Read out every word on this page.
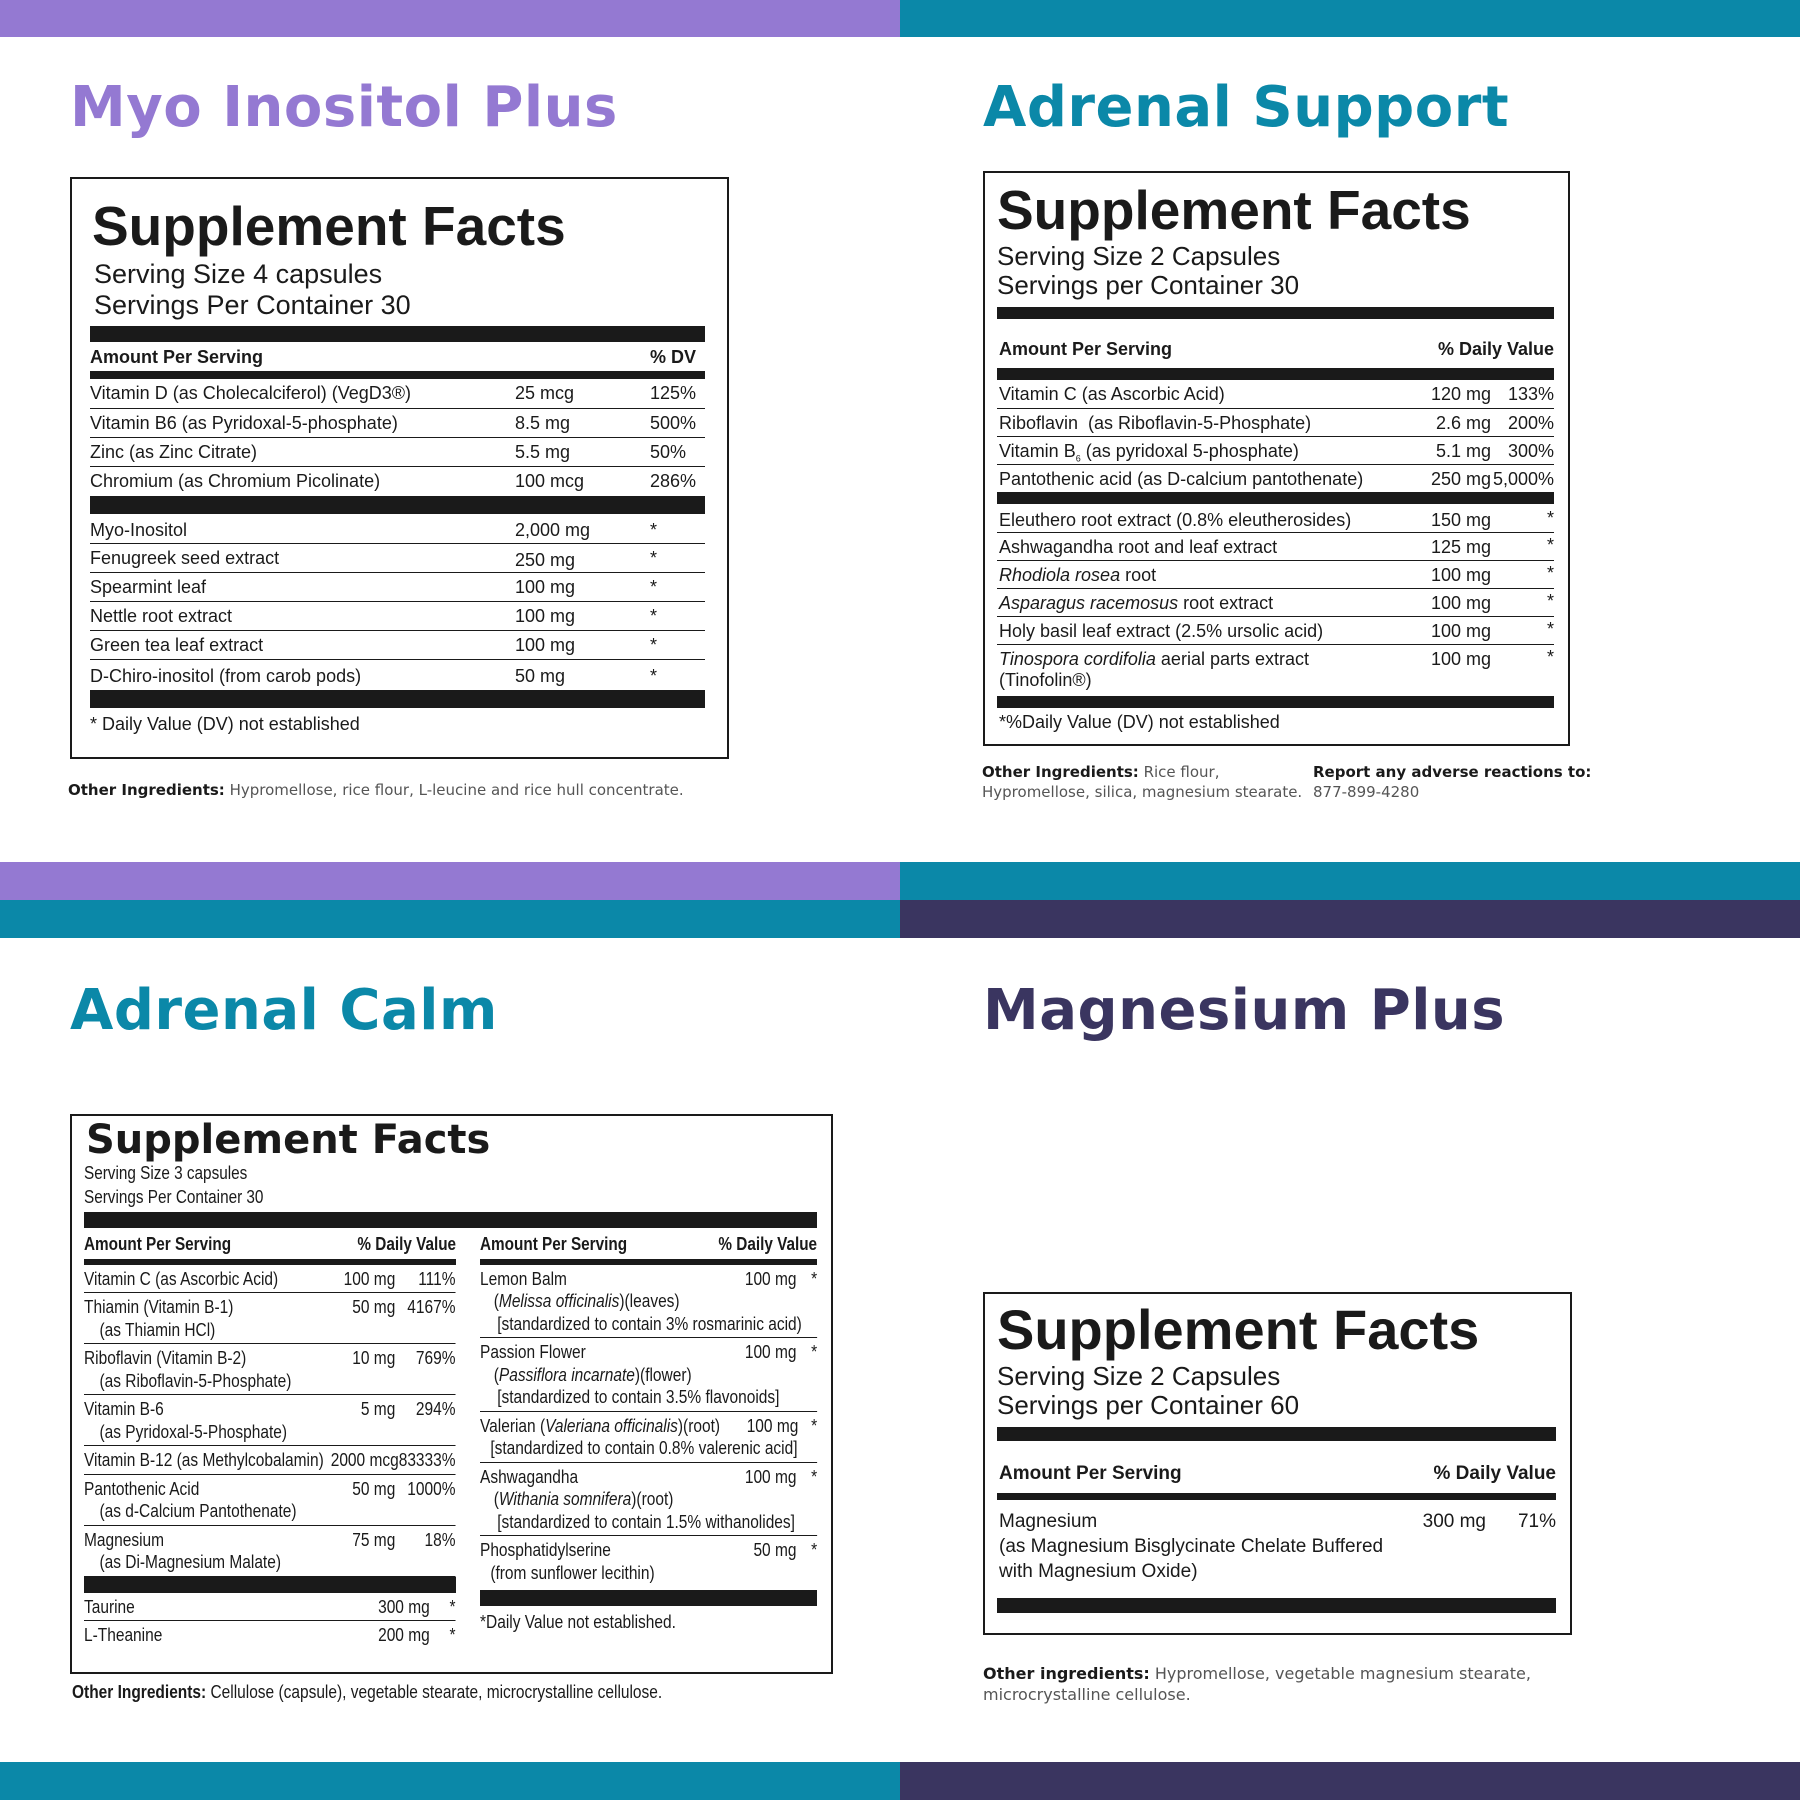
Myo Inositol Plus
Supplement Facts
Serving Size 4 capsules
Servings Per Container 30
Amount Per Serving		% DV
Vitamin D (as Cholecalciferol) (VegD3®)	25 mcg	125%
Vitamin B6 (as Pyridoxal-5-phosphate)	8.5 mg	500%
Zinc (as Zinc Citrate)	5.5 mg	50%
Chromium (as Chromium Picolinate)	100 mcg	286%
Myo-Inositol	2,000 mg	*
Fenugreek seed extract	250 mg	*
Spearmint leaf	100 mg	*
Nettle root extract	100 mg	*
Green tea leaf extract	100 mg	*
D-Chiro-inositol (from carob pods)	50 mg	*
* Daily Value (DV) not established
Other Ingredients: Hypromellose, rice flour, L-leucine and rice hull concentrate.
Adrenal Support
Supplement Facts
Serving Size 2 Capsules
Servings per Container 30
Amount Per Serving		% Daily Value
Vitamin C (as Ascorbic Acid)	120 mg	133%
Riboflavin  (as Riboflavin-5-Phosphate)	2.6 mg	200%
Vitamin $B_6$ (as pyridoxal 5-phosphate)	5.1 mg	300%
Pantothenic acid (as D-calcium pantothenate)	250 mg	5,000%
Eleuthero root extract (0.8% eleutherosides)	150 mg	*
Ashwagandha root and leaf extract	125 mg	*
Rhodiola rosea root	100 mg	*
Asparagus racemosus root extract	100 mg	*
Holy basil leaf extract (2.5% ursolic acid)	100 mg	*
Tinospora cordifolia aerial parts extract
(Tinofolin®)	100 mg	*
*%Daily Value (DV) not established
Other Ingredients: Rice flour,
Hypromellose, silica, magnesium stearate.
Report any adverse reactions to:
877-899-4280
Adrenal Calm
Supplement Facts
Serving Size 3 capsules
Servings Per Container 30
Amount Per Serving	% Daily Value
Vitamin C (as Ascorbic Acid)	100 mg	111%
Thiamin (Vitamin B-1)	50 mg 4167%
(as Thiamin HCl)
Riboflavin (Vitamin B-2)	10 mg	769%
(as Riboflavin-5-Phosphate)
Vitamin B-6	5 mg	294%
(as Pyridoxal-5-Phosphate)
Vitamin B-12 (as Methylcobalamin) 2000 mcg 83333%
Pantothenic Acid	50 mg 1000%
(as d-Calcium Pantothenate)
Magnesium	75 mg	18%
(as Di-Magnesium Malate)
Taurine	300 mg	*
L-Theanine	200 mg	*
Amount Per Serving	% Daily Value
Lemon Balm	100 mg *
(Melissa officinalis)(leaves)
[standardized to contain 3% rosmarinic acid)
Passion Flower	100 mg *
(Passiflora incarnate)(flower)
[standardized to contain 3.5% flavonoids]
Valerian (Valeriana officinalis)(root)	100 mg *
[standardized to contain 0.8% valerenic acid]
Ashwagandha	100 mg *
(Withania somnifera)(root)
[standardized to contain 1.5% withanolides]
Phosphatidylserine	50 mg *
(from sunflower lecithin)
*Daily Value not established.
Other Ingredients: Cellulose (capsule), vegetable stearate, microcrystalline cellulose.
Magnesium Plus
Supplement Facts
Serving Size 2 Capsules
Servings per Container 60
Amount Per Serving	% Daily Value
Magnesium
(as Magnesium Bisglycinate Chelate Buffered
with Magnesium Oxide)
300 mg	71%
Other ingredients: Hypromellose, vegetable magnesium stearate,
microcrystalline cellulose.
